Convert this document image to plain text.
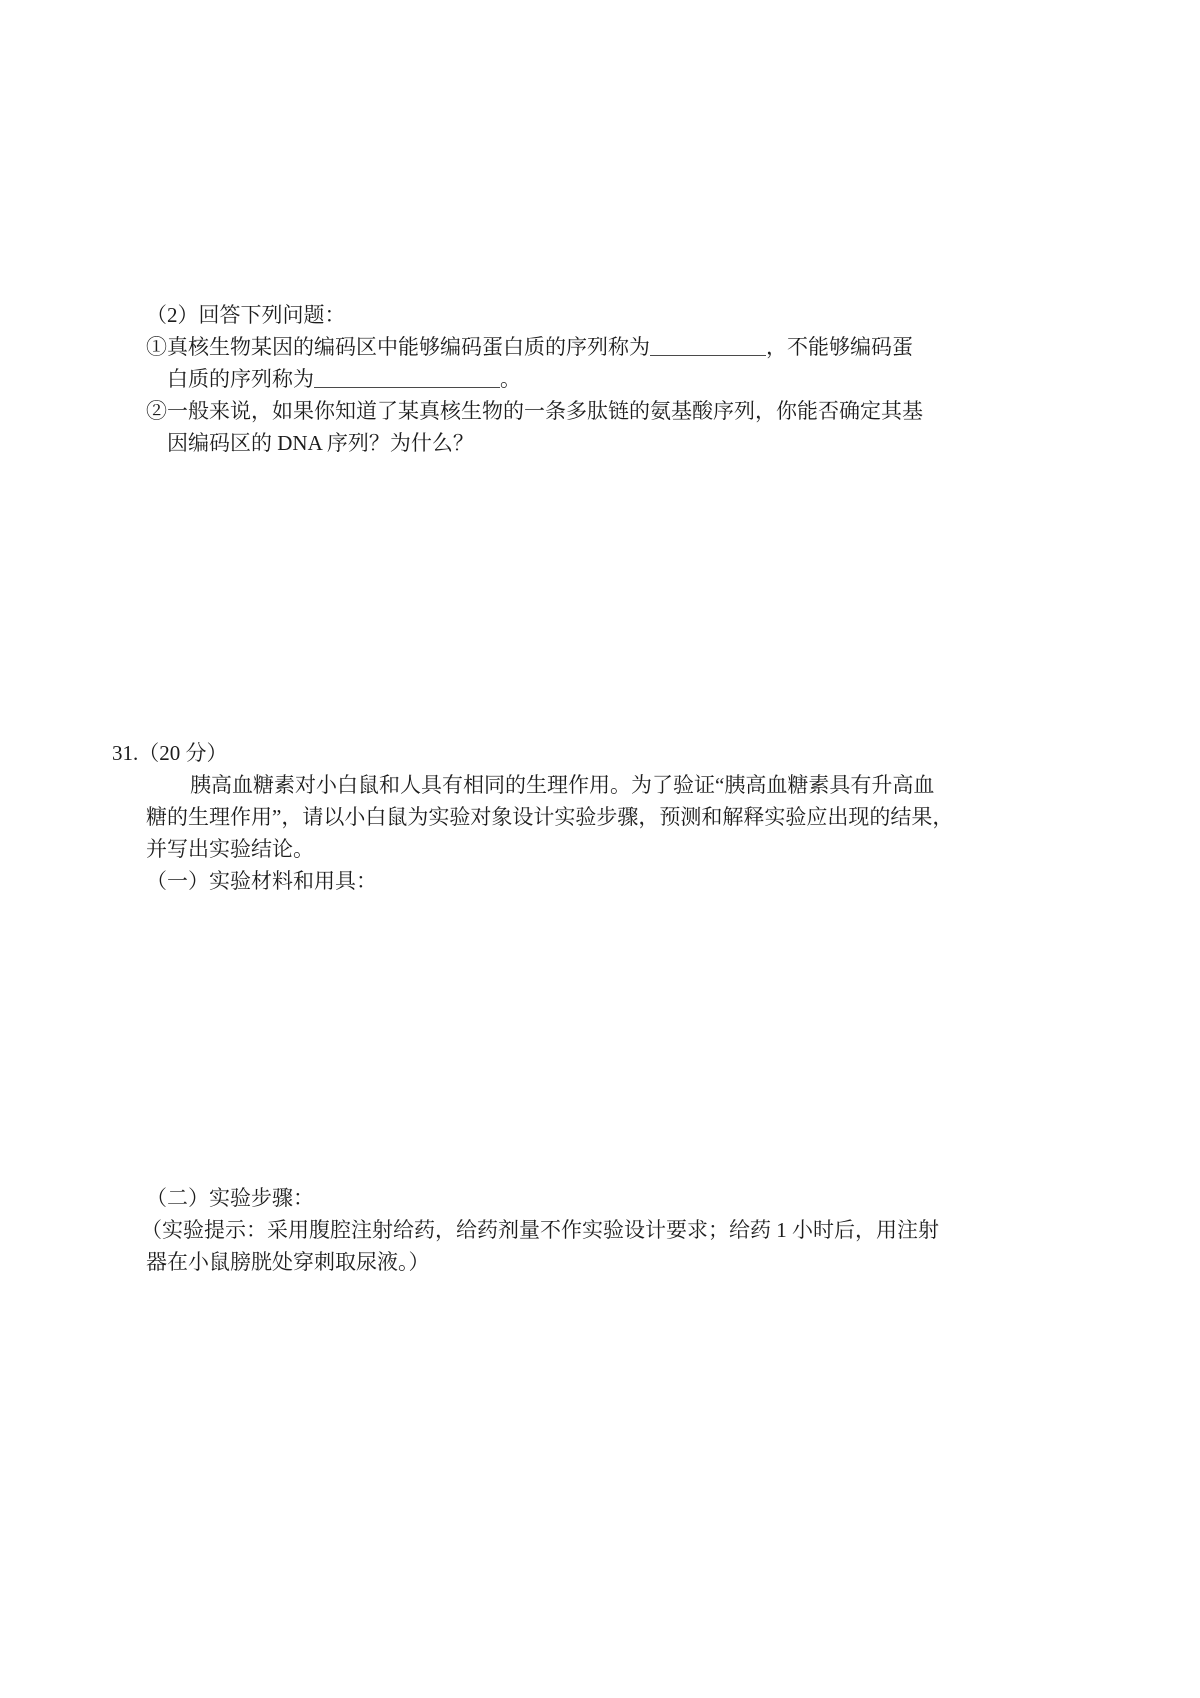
（2）回答下列问题：
①真核生物某因的编码区中能够编码蛋白质的序列称为	，不能够编码蛋
白质的序列称为	。
②一般来说，如果你知道了某真核生物的一条多肽链的氨基酸序列，你能否确定其基
因编码区的 DNA 序列？为什么？
31.（20 分）
胰高血糖素对小白鼠和人具有相同的生理作用。为了验证“胰高血糖素具有升高血
糖的生理作用”，请以小白鼠为实验对象设计实验步骤，预测和解释实验应出现的结果，
并写出实验结论。
（一）实验材料和用具：
（二）实验步骤：
（实验提示：采用腹腔注射给药，给药剂量不作实验设计要求；给药 1 小时后，用注射
器在小鼠膀胱处穿刺取尿液。）
